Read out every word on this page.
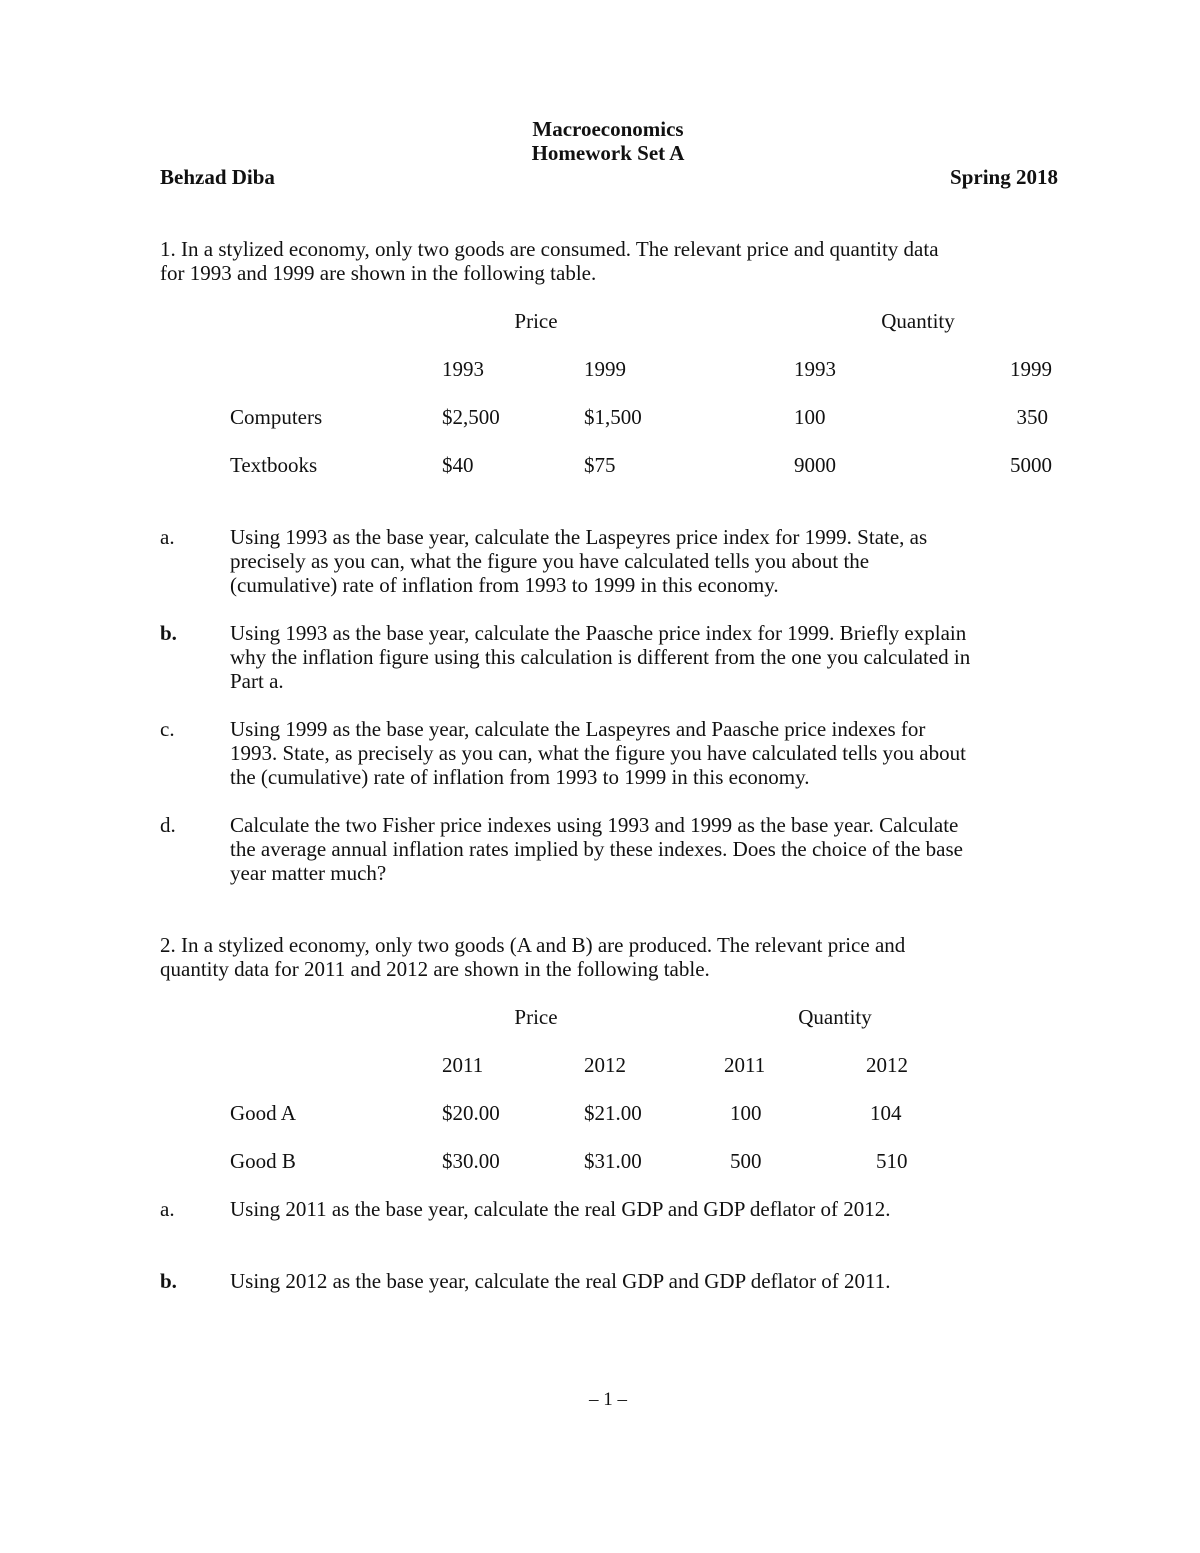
Macroeconomics
Homework Set A
Behzad Diba	Spring 2018
1. In a stylized economy, only two goods are consumed. The relevant price and quantity data
for 1993 and 1999 are shown in the following table.
Price	Quantity
1993	1999	1993	1999
Computers	$2,500	$1,500	100	350
Textbooks	$40	$75	9000	5000
a.	Using 1993 as the base year, calculate the Laspeyres price index for 1999. State, as
precisely as you can, what the figure you have calculated tells you about the
(cumulative) rate of inflation from 1993 to 1999 in this economy.
b.	Using 1993 as the base year, calculate the Paasche price index for 1999. Briefly explain
why the inflation figure using this calculation is different from the one you calculated in
Part a.
c.	Using 1999 as the base year, calculate the Laspeyres and Paasche price indexes for
1993. State, as precisely as you can, what the figure you have calculated tells you about
the (cumulative) rate of inflation from 1993 to 1999 in this economy.
d.	Calculate the two Fisher price indexes using 1993 and 1999 as the base year. Calculate
the average annual inflation rates implied by these indexes. Does the choice of the base
year matter much?
2. In a stylized economy, only two goods (A and B) are produced. The relevant price and
quantity data for 2011 and 2012 are shown in the following table.
Price	Quantity
2011	2012	2011	2012
Good A	$20.00	$21.00	100	104
Good B	$30.00	$31.00	500	510
a.	Using 2011 as the base year, calculate the real GDP and GDP deflator of 2012.
b.	Using 2012 as the base year, calculate the real GDP and GDP deflator of 2011.
– 1 –
